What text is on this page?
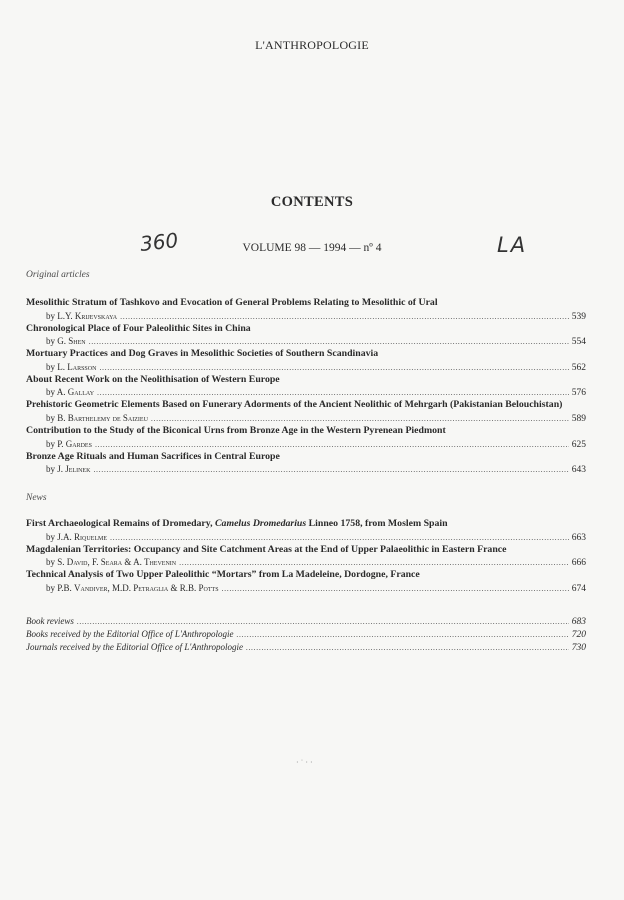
L'ANTHROPOLOGIE
CONTENTS
360	VOLUME 98 — 1994 — nº 4	LA
Original articles
Mesolithic Stratum of Tashkovo and Evocation of General Problems Relating to Mesolithic of Ural
by L.Y. Krijevskaya .....	539
Chronological Place of Four Paleolithic Sites in China
by G. Shen .....	554
Mortuary Practices and Dog Graves in Mesolithic Societies of Southern Scandinavia
by L. Larsson .....	562
About Recent Work on the Neolithisation of Western Europe
by A. Gallay .....	576
Prehistoric Geometric Elements Based on Funerary Adorments of the Ancient Neolithic of Mehrgarh (Pakistanian Belouchistan)
by B. Barthelemy de Saizieu .....	589
Contribution to the Study of the Biconical Urns from Bronze Age in the Western Pyrenean Piedmont
by P. Gardes .....	625
Bronze Age Rituals and Human Sacrifices in Central Europe
by J. Jelinek .....	643
News
First Archaeological Remains of Dromedary, Camelus Dromedarius Linneo 1758, from Moslem Spain
by J.A. Riquelme .....	663
Magdalenian Territories: Occupancy and Site Catchment Areas at the End of Upper Palaeolithic in Eastern France
by S. David, F. Seara & A. Thevenin .....	666
Technical Analysis of Two Upper Paleolithic “Mortars” from La Madeleine, Dordogne, France
by P.B. Vandiver, M.D. Petraglia & R.B. Potts .....	674
Book reviews .....	683
Books received by the Editorial Office of L'Anthropologie .....	720
Journals received by the Editorial Office of L'Anthropologie .....	730
· ˙ · ·
